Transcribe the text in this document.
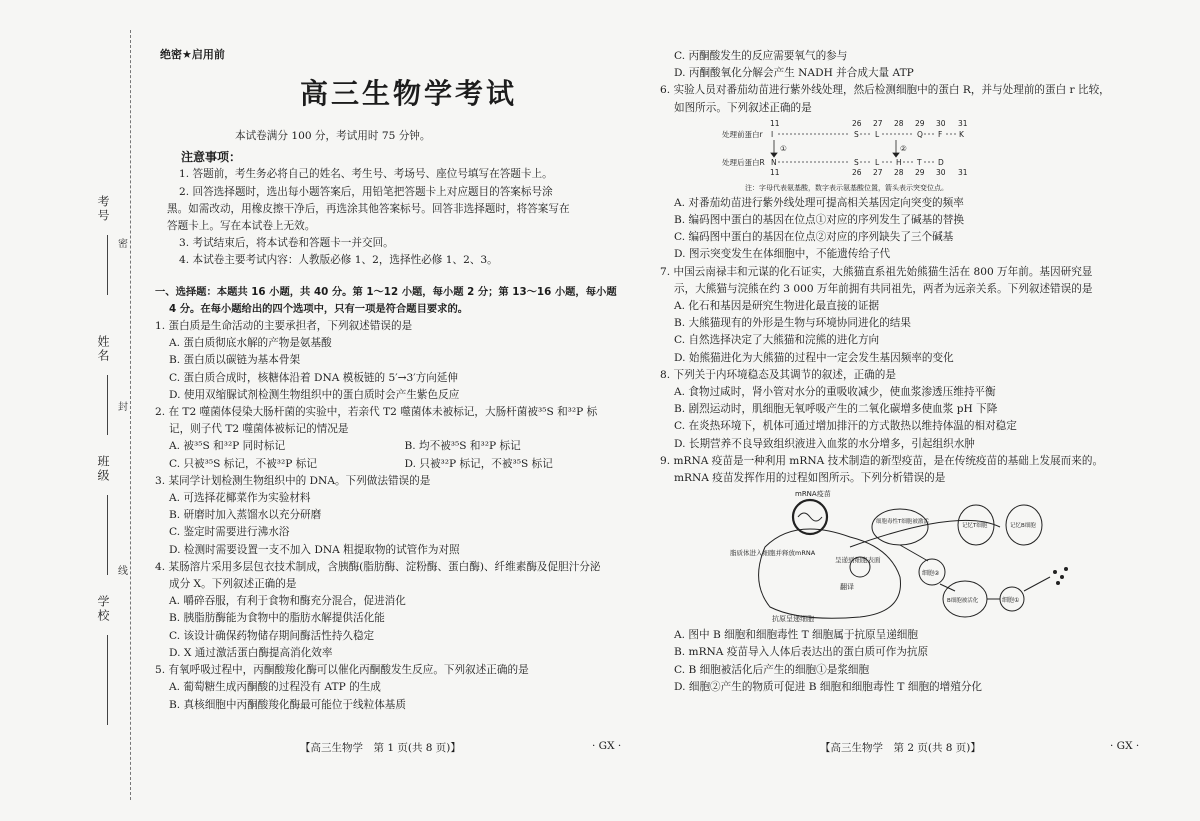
考号
姓名
班级
学校
密
封
线
绝密★启用前
高三生物学考试

本试卷满分 100 分，考试用时 75 分钟。

注意事项：

1. 答题前，考生务必将自己的姓名、考生号、考场号、座位号填写在答题卡上。

2. 回答选择题时，选出每小题答案后，用铅笔把答题卡上对应题目的答案标号涂

黑。如需改动，用橡皮擦干净后，再选涂其他答案标号。回答非选择题时，将答案写在

答题卡上。写在本试卷上无效。

3. 考试结束后，将本试卷和答题卡一并交回。

4. 本试卷主要考试内容：人教版必修 1、2，选择性必修 1、2、3。

一、选择题：本题共 16 小题，共 40 分。第 1～12 小题，每小题 2 分；第 13～16 小题，每小题

4 分。在每小题给出的四个选项中，只有一项是符合题目要求的。

1. 蛋白质是生命活动的主要承担者，下列叙述错误的是

A. 蛋白质彻底水解的产物是氨基酸

B. 蛋白质以碳链为基本骨架

C. 蛋白质合成时，核糖体沿着 DNA 模板链的 5′→3′方向延伸

D. 使用双缩脲试剂检测生物组织中的蛋白质时会产生紫色反应

2. 在 T2 噬菌体侵染大肠杆菌的实验中，若亲代 T2 噬菌体未被标记，大肠杆菌被³⁵S 和³²P 标

记，则子代 T2 噬菌体被标记的情况是

A. 被³⁵S 和³²P 同时标记	B. 均不被³⁵S 和³²P 标记

C. 只被³⁵S 标记，不被³²P 标记	D. 只被³²P 标记，不被³⁵S 标记

3. 某同学计划检测生物组织中的 DNA。下列做法错误的是

A. 可选择花椰菜作为实验材料

B. 研磨时加入蒸馏水以充分研磨

C. 鉴定时需要进行沸水浴

D. 检测时需要设置一支不加入 DNA 粗提取物的试管作为对照

4. 某肠溶片采用多层包衣技术制成，含胰酶(脂肪酶、淀粉酶、蛋白酶)、纤维素酶及促胆汁分泌

成分 X。下列叙述正确的是

A. 嚼碎吞服，有利于食物和酶充分混合，促进消化

B. 胰脂肪酶能为食物中的脂肪水解提供活化能

C. 该设计确保药物储存期间酶活性持久稳定

D. X 通过激活蛋白酶提高消化效率

5. 有氧呼吸过程中，丙酮酸羧化酶可以催化丙酮酸发生反应。下列叙述正确的是

A. 葡萄糖生成丙酮酸的过程没有 ATP 的生成

B. 真核细胞中丙酮酸羧化酶最可能位于线粒体基质

C. 丙酮酸发生的反应需要氧气的参与

D. 丙酮酸氧化分解会产生 NADH 并合成大量 ATP

6. 实验人员对番茄幼苗进行紫外线处理，然后检测细胞中的蛋白 R，并与处理前的蛋白 r 比较，

如图所示。下列叙述正确的是

11	26 27 28 29 30 31
处理前蛋白r
处理后蛋白R
I	S L	Q F K
N	S L H T D
11	26 27 28 29 30 31
①	②
注：字母代表氨基酸，数字表示氨基酸位置，箭头表示突变位点。

A. 对番茄幼苗进行紫外线处理可提高相关基因定向突变的频率

B. 编码图中蛋白的基因在位点①对应的序列发生了碱基的替换

C. 编码图中蛋白的基因在位点②对应的序列缺失了三个碱基

D. 图示突变发生在体细胞中，不能遗传给子代

7. 中国云南禄丰和元谋的化石证实，大熊猫直系祖先始熊猫生活在 800 万年前。基因研究显

示，大熊猫与浣熊在约 3 000 万年前拥有共同祖先，两者为远亲关系。下列叙述错误的是

A. 化石和基因是研究生物进化最直接的证据

B. 大熊猫现有的外形是生物与环境协同进化的结果

C. 自然选择决定了大熊猫和浣熊的进化方向

D. 始熊猫进化为大熊猫的过程中一定会发生基因频率的变化

8. 下列关于内环境稳态及其调节的叙述，正确的是

A. 食物过咸时，肾小管对水分的重吸收减少，使血浆渗透压维持平衡

B. 剧烈运动时，肌细胞无氧呼吸产生的二氧化碳增多使血浆 pH 下降

C. 在炎热环境下，机体可通过增加排汗的方式散热以维持体温的相对稳定

D. 长期营养不良导致组织液进入血浆的水分增多，引起组织水肿

9. mRNA 疫苗是一种利用 mRNA 技术制造的新型疫苗，是在传统疫苗的基础上发展而来的。

mRNA 疫苗发挥作用的过程如图所示。下列分析错误的是

mRNA疫苗
脂质体进入细胞并释放mRNA
呈递到细胞表面
翻译
抗原呈递细胞
细胞毒性T细胞被激活
记忆T细胞	记忆B细胞
细胞②
B细胞被活化	细胞①

A. 图中 B 细胞和细胞毒性 T 细胞属于抗原呈递细胞

B. mRNA 疫苗导入人体后表达出的蛋白质可作为抗原

C. B 细胞被活化后产生的细胞①是浆细胞

D. 细胞②产生的物质可促进 B 细胞和细胞毒性 T 细胞的增殖分化

【高三生物学　第 1 页(共 8 页)】	· GX ·	【高三生物学　第 2 页(共 8 页)】	· GX ·
